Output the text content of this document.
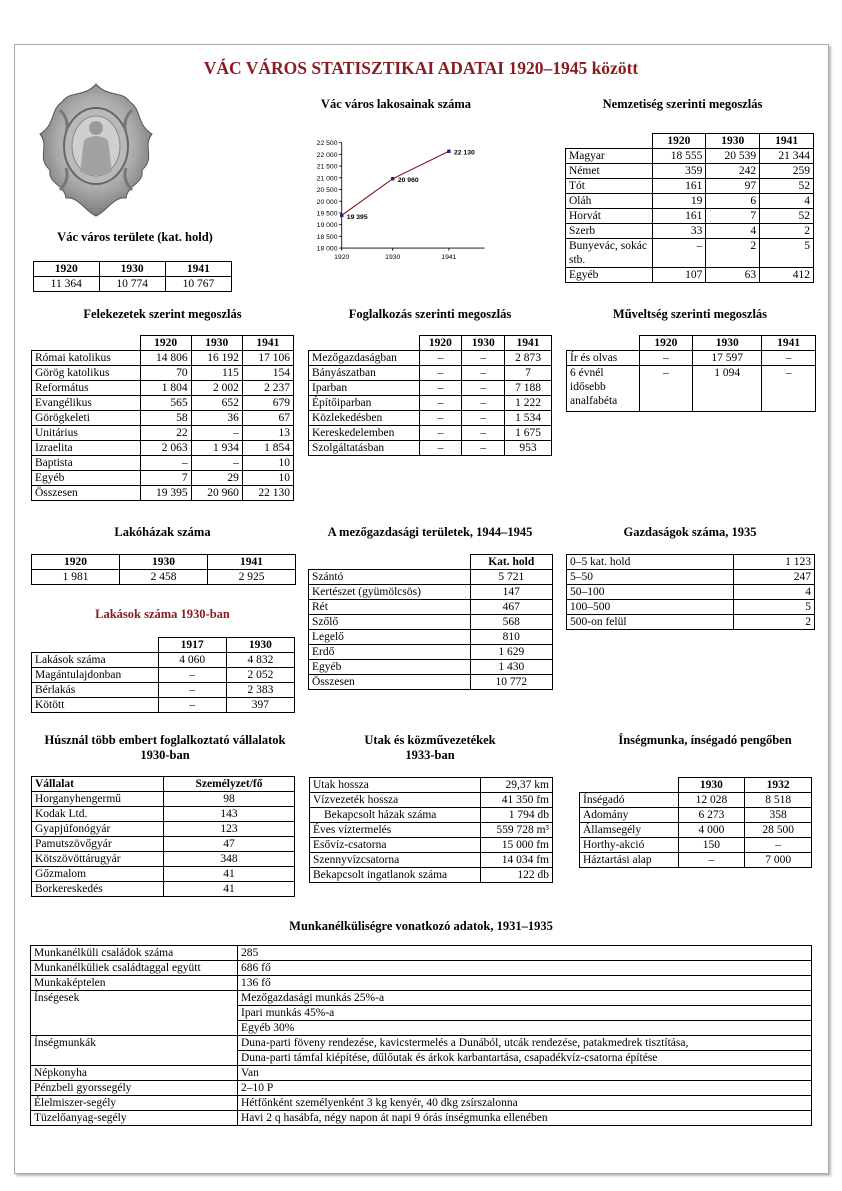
VÁC VÁROS STATISZTIKAI ADATAI 1920–1945 között
Vác város területe (kat. hold)
1920	1930	1941
11 364	10 774	10 767
Vác város lakosainak száma
22 500
22 000
21 500
21 000
20 500
20 000
19 500
19 000
18 500
18 000
1920
19 395
1930
20 960
1941
22 130
Nemzetiség szerinti megoszlás
	1920	1930	1941
Magyar	18 555	20 539	21 344
Német	359	242	259
Tót	161	97	52
Oláh	19	6	4
Horvát	161	7	52
Szerb	33	4	2
Bunyevác, sokác stb.	–	2	5
Egyéb	107	63	412
Felekezetek szerint megoszlás
	1920	1930	1941
Római katolikus	14 806	16 192	17 106
Görög katolikus	70	115	154
Református	1 804	2 002	2 237
Evangélikus	565	652	679
Görögkeleti	58	36	67
Unitárius	22	–	13
Izraelita	2 063	1 934	1 854
Baptista	–	–	10
Egyéb	7	29	10
Összesen	19 395	20 960	22 130
Foglalkozás szerinti megoszlás
	1920	1930	1941
Mezőgazdaságban	–	–	2 873
Bányászatban	–	–	7
Iparban	–	–	7 188
Építőiparban	–	–	1 222
Közlekedésben	–	–	1 534
Kereskedelemben	–	–	1 675
Szolgáltatásban	–	–	953
Műveltség szerinti megoszlás
	1920	1930	1941
Ír és olvas	–	17 597	–
6 évnél idősebb analfabéta	–	1 094	–
Lakóházak száma
1920	1930	1941
1 981	2 458	2 925
Lakások száma 1930-ban
	1917	1930
Lakások száma	4 060	4 832
Magántulajdonban	–	2 052
Bérlakás	–	2 383
Kötött	–	397
A mezőgazdasági területek, 1944–1945
	Kat. hold
Szántó	5 721
Kertészet (gyümölcsös)	147
Rét	467
Szőlő	568
Legelő	810
Erdő	1 629
Egyéb	1 430
Összesen	10 772
Gazdaságok száma, 1935
0–5 kat. hold	1 123
5–50	247
50–100	4
100–500	5
500-on felül	2
Húsznál több embert foglalkoztató vállalatok
1930-ban
Vállalat	Személyzet/fő
Horganyhengermű	98
Kodak Ltd.	143
Gyapjúfonógyár	123
Pamutszövőgyár	47
Kötszövöttárugyár	348
Gőzmalom	41
Borkereskedés	41
Utak és közművezetékek
1933-ban
Utak hossza	29,37 km
Vízvezeték hossza	41 350 fm
Bekapcsolt házak száma	1 794 db
Éves víztermelés	559 728 m³
Esővíz-csatorna	15 000 fm
Szennyvízcsatorna	14 034 fm
Bekapcsolt ingatlanok száma	122 db
Ínségmunka, ínségadó pengőben
	1930	1932
Ínségadó	12 028	8 518
Adomány	6 273	358
Államsegély	4 000	28 500
Horthy-akció	150	–
Háztartási alap	–	7 000
Munkanélküliségre vonatkozó adatok, 1931–1935
Munkanélküli családok száma	285
Munkanélküliek családtaggal együtt	686 fő
Munkaképtelen	136 fő
Ínségesek	Mezőgazdasági munkás 25%-a
	Ipari munkás 45%-a
	Egyéb 30%
Ínségmunkák	Duna-parti föveny rendezése, kavicstermelés a Dunából, utcák rendezése, patakmedrek tisztítása,
	Duna-parti támfal kiépítése, dűlőutak és árkok karbantartása, csapadékvíz-csatorna építése
Népkonyha	Van
Pénzbeli gyorssegély	2–10 P
Élelmiszer-segély	Hétfőnként személyenként 3 kg kenyér, 40 dkg zsírszalonna
Tüzelőanyag-segély	Havi 2 q hasábfa, négy napon át napi 9 órás ínségmunka ellenében
